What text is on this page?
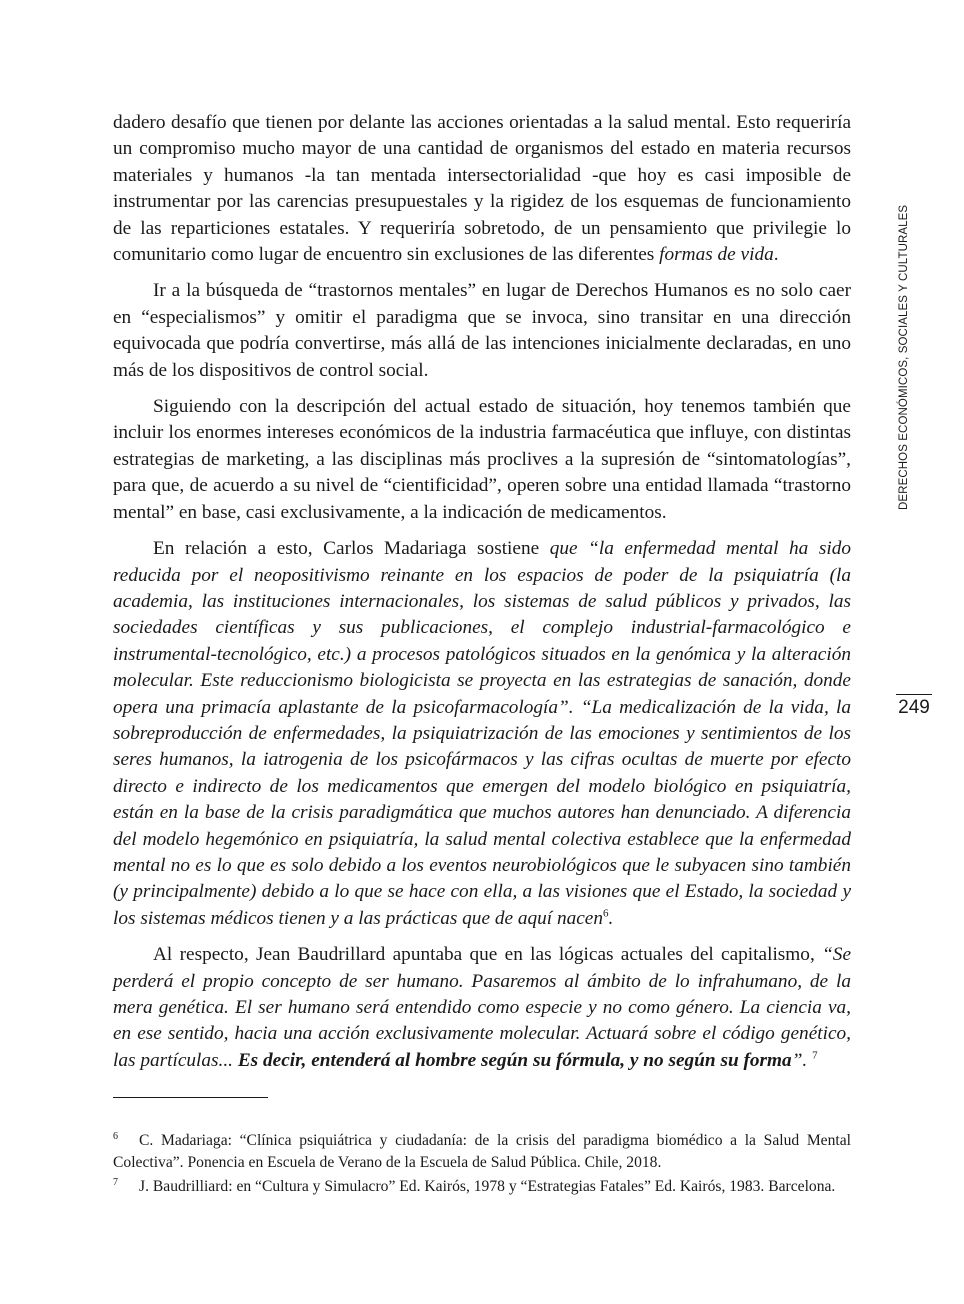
dadero desafío que tienen por delante las acciones orientadas a la salud mental. Esto requeriría un compromiso mucho mayor de una cantidad de organismos del estado en materia recursos materiales y humanos -la tan mentada intersectorialidad -que hoy es casi imposible de instrumentar por las carencias presupuestales y la rigidez de los esquemas de funcionamiento de las reparticiones estatales. Y requeriría sobretodo, de un pensamiento que privilegie lo comunitario como lugar de encuentro sin exclusiones de las diferentes formas de vida.

Ir a la búsqueda de “trastornos mentales” en lugar de Derechos Humanos es no solo caer en “especialismos” y omitir el paradigma que se invoca, sino transitar en una dirección equivocada que podría convertirse, más allá de las intenciones inicialmente declaradas, en uno más de los dispositivos de control social.

Siguiendo con la descripción del actual estado de situación, hoy tenemos también que incluir los enormes intereses económicos de la industria farmacéutica que influye, con distintas estrategias de marketing, a las disciplinas más proclives a la supresión de “sintomatologías”, para que, de acuerdo a su nivel de “cientificidad”, operen sobre una entidad llamada “trastorno mental” en base, casi exclusivamente, a la indicación de medicamentos.

En relación a esto, Carlos Madariaga sostiene que “la enfermedad mental ha sido reducida por el neopositivismo reinante en los espacios de poder de la psiquiatría (la academia, las instituciones internacionales, los sistemas de salud públicos y privados, las sociedades científicas y sus publicaciones, el complejo industrial-farmacológico e instrumental-tecnológico, etc.) a procesos patológicos situados en la genómica y la alteración molecular. Este reduccionismo biologicista se proyecta en las estrategias de sanación, donde opera una primacía aplastante de la psicofarmacología”. “La medicalización de la vida, la sobreproducción de enfermedades, la psiquiatrización de las emociones y sentimientos de los seres humanos, la iatrogenia de los psicofármacos y las cifras ocultas de muerte por efecto directo e indirecto de los medicamentos que emergen del modelo biológico en psiquiatría, están en la base de la crisis paradigmática que muchos autores han denunciado. A diferencia del modelo hegemónico en psiquiatría, la salud mental colectiva establece que la enfermedad mental no es lo que es solo debido a los eventos neurobiológicos que le subyacen sino también (y principalmente) debido a lo que se hace con ella, a las visiones que el Estado, la sociedad y los sistemas médicos tienen y a las prácticas que de aquí nacen$^6$.

Al respecto, Jean Baudrillard apuntaba que en las lógicas actuales del capitalismo, “Se perderá el propio concepto de ser humano. Pasaremos al ámbito de lo infrahumano, de la mera genética. El ser humano será entendido como especie y no como género. La ciencia va, en ese sentido, hacia una acción exclusivamente molecular. Actuará sobre el código genético, las partículas... Es decir, entenderá al hombre según su fórmula, y no según su forma”. $^7$

6 C. Madariaga: “Clínica psiquiátrica y ciudadanía: de la crisis del paradigma biomédico a la Salud Mental Colectiva”. Ponencia en Escuela de Verano de la Escuela de Salud Pública. Chile, 2018.
7 J. Baudrilliard: en “Cultura y Simulacro” Ed. Kairós, 1978 y “Estrategias Fatales” Ed. Kairós, 1983. Barcelona.
DERECHOS ECONÓMICOS, SOCIALES Y CULTURALES
249
